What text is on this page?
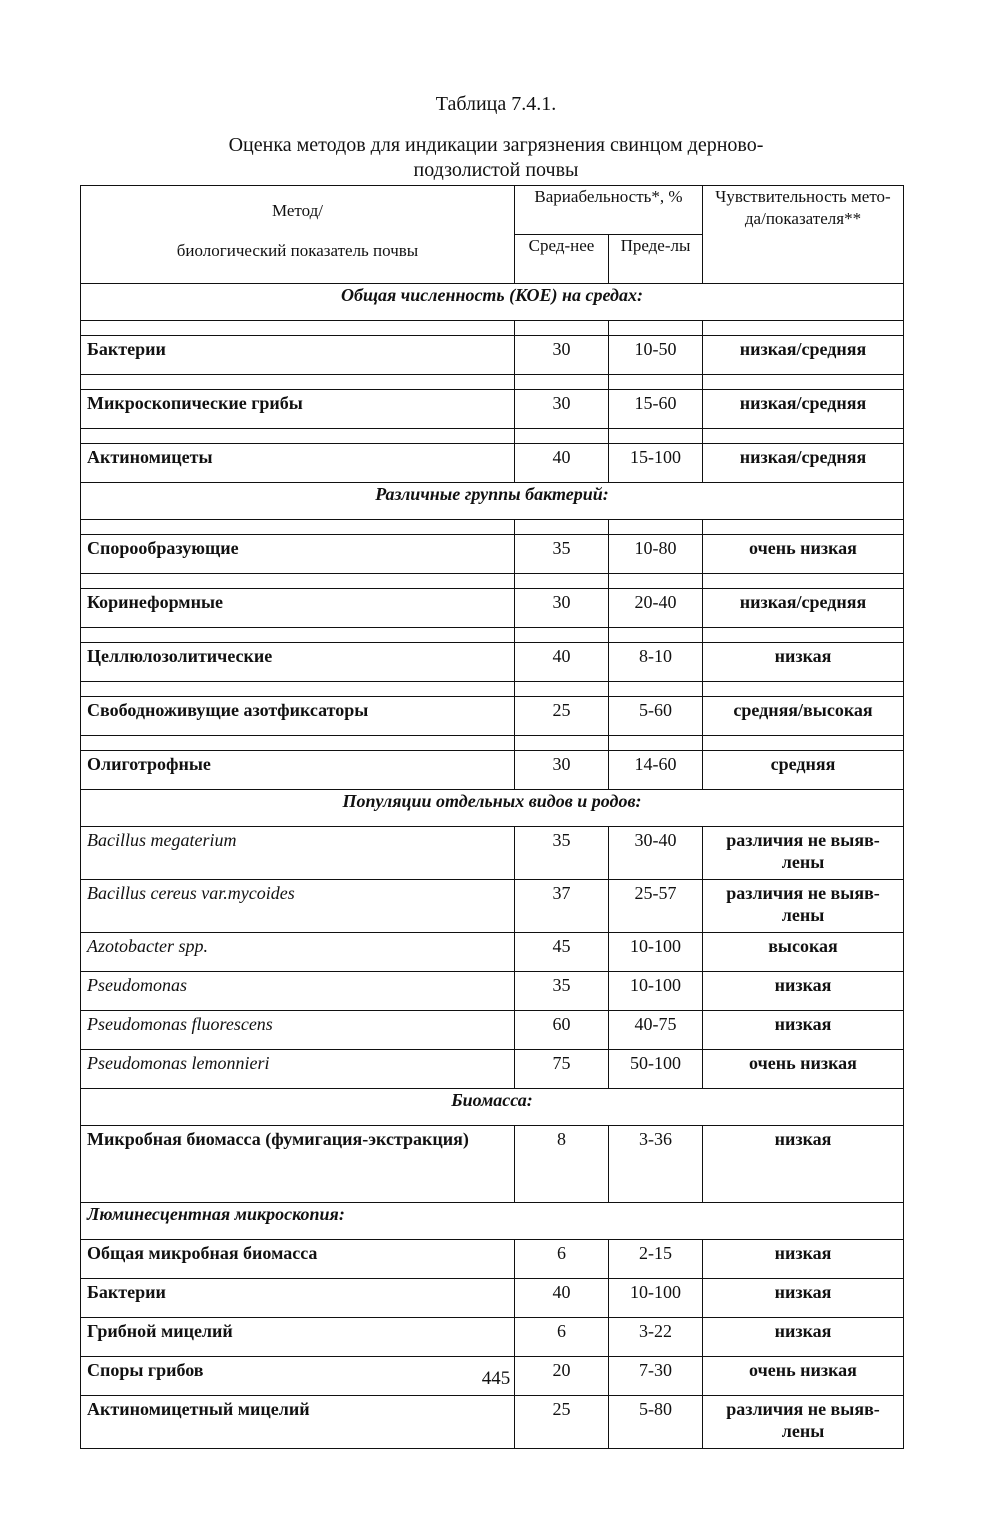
Таблица 7.4.1.
Оценка методов для индикации загрязнения свинцом дерново-
подзолистой почвы
Метод/
биологический показатель почвы	Вариабельность*, %		Чувствительность мето-да/показателя**
	Сред-нее	Преде-лы	
Общая численность (КОЕ) на средах:			

Бактерии	30	10-50	низкая/средняя

Микроскопические грибы	30	15-60	низкая/средняя

Актиномицеты	40	15-100	низкая/средняя
Различные группы бактерий:			

Спорообразующие	35	10-80	очень низкая

Коринеформные	30	20-40	низкая/средняя

Целлюлозолитические	40	8-10	низкая

Свободноживущие азотфиксаторы	25	5-60	средняя/высокая

Олиготрофные	30	14-60	средняя
Популяции отдельных видов и родов:			
Bacillus megaterium	35	30-40	различия не выяв-лены
Bacillus cereus var.mycoides	37	25-57	различия не выяв-лены
Azotobacter spp.	45	10-100	высокая
Pseudomonas	35	10-100	низкая
Pseudomonas fluorescens	60	40-75	низкая
Pseudomonas lemonnieri	75	50-100	очень низкая
Биомасса:			
Микробная биомасса (фумигация-экстракция)	8	3-36	низкая
Люминесцентная микроскопия:			
Общая микробная биомасса	6	2-15	низкая
Бактерии	40	10-100	низкая
Грибной мицелий	6	3-22	низкая
Споры грибов	20	7-30	очень низкая
Актиномицетный мицелий	25	5-80	различия не выяв-лены
445
